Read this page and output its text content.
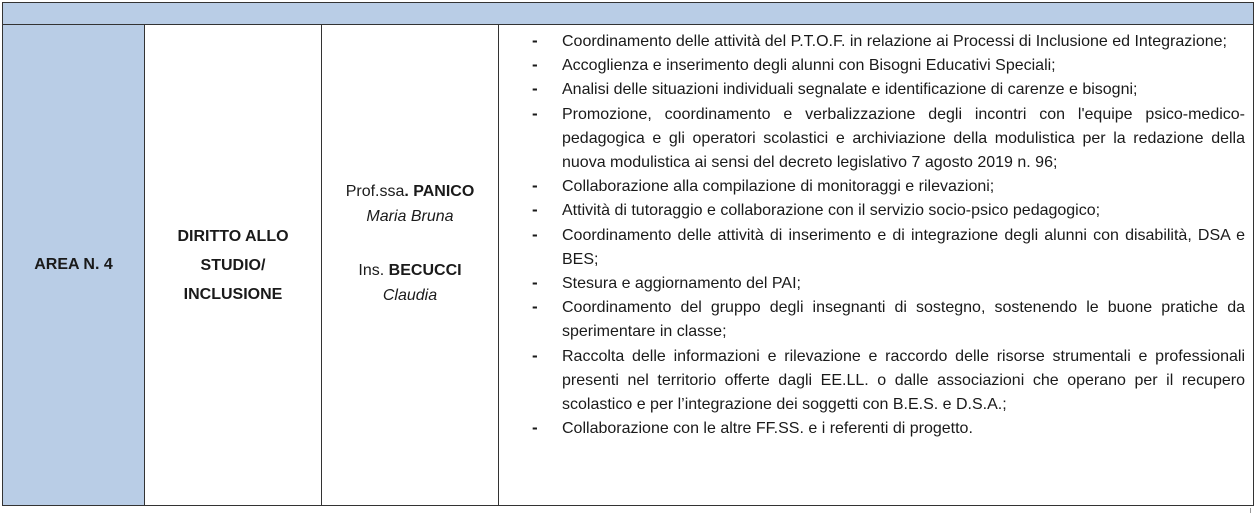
AREA N. 4
DIRITTO ALLO
STUDIO/
INCLUSIONE
Prof.ssa. PANICO
Maria Bruna
Ins. BECUCCI
Claudia
- Coordinamento delle attività del P.T.O.F. in relazione ai Processi di Inclusione ed Integrazione;
- Accoglienza e inserimento degli alunni con Bisogni Educativi Speciali;
- Analisi delle situazioni individuali segnalate e identificazione di carenze e bisogni;
- Promozione, coordinamento e verbalizzazione degli incontri con l'equipe psico-medico-pedagogica e gli operatori scolastici e archiviazione della modulistica per la redazione della nuova modulistica ai sensi del decreto legislativo 7 agosto 2019 n. 96;
- Collaborazione alla compilazione di monitoraggi e rilevazioni;
- Attività di tutoraggio e collaborazione con il servizio socio-psico pedagogico;
- Coordinamento delle attività di inserimento e di integrazione degli alunni con disabilità, DSA e BES;
- Stesura e aggiornamento del PAI;
- Coordinamento del gruppo degli insegnanti di sostegno, sostenendo le buone pratiche da sperimentare in classe;
- Raccolta delle informazioni e rilevazione e raccordo delle risorse strumentali e professionali presenti nel territorio offerte dagli EE.LL. o dalle associazioni che operano per il recupero scolastico e per l’integrazione dei soggetti con B.E.S. e D.S.A.;
- Collaborazione con le altre FF.SS. e i referenti di progetto.
